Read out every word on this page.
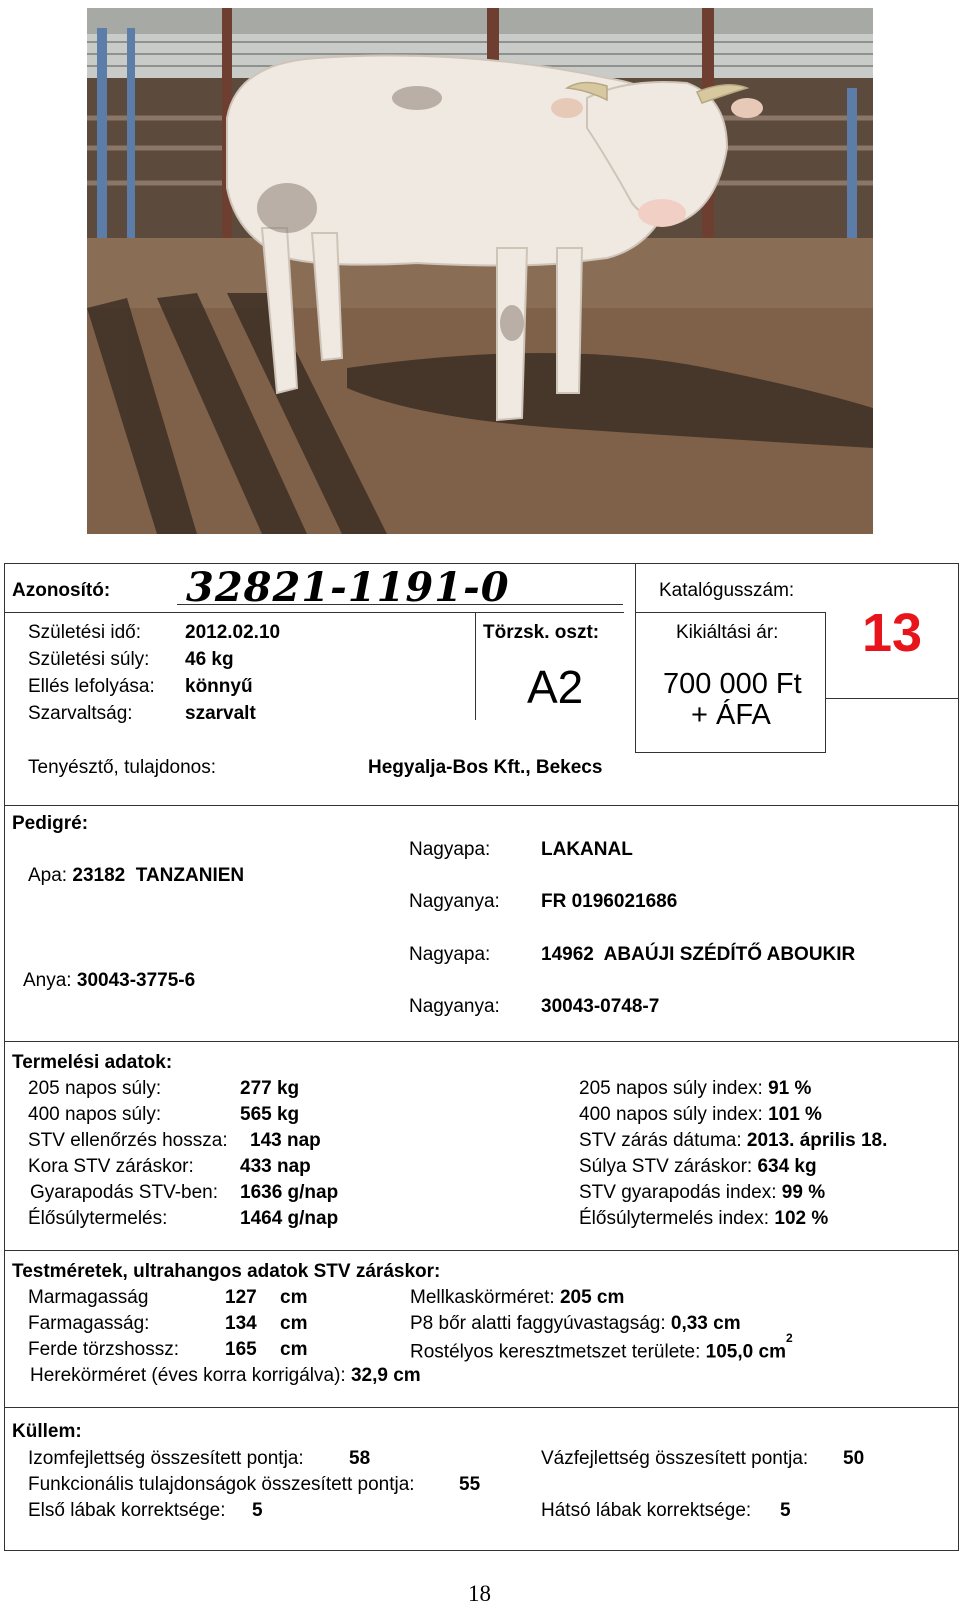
Azonosító: 32821-1191-0	Katalógusszám:
13
Születési idő: 2012.02.10
Születési súly: 46 kg
Ellés lefolyása: könnyű
Szarvaltság:	szarvalt
Törzsk. oszt:
A2
Kikiáltási ár:
700 000 Ft
+ ÁFA
Tenyésztő, tulajdonos:	Hegyalja-Bos Kft., Bekecs
Pedigré:
Apa: 23182  TANZANIEN
Anya: 30043-3775-6
Nagyapa:	LAKANAL
Nagyanya: FR 0196021686
Nagyapa:	14962  ABAÚJI SZÉDÍTŐ ABOUKIR
Nagyanya: 30043-0748-7
Termelési adatok:
205 napos súly:	277 kg
400 napos súly:	565 kg
STV ellenőrzés hossza: 143 nap
Kora STV záráskor: 433 nap
Gyarapodás STV-ben: 1636 g/nap
Élősúlytermelés:	1464 g/nap
205 napos súly index: 91 %
400 napos súly index: 101 %
STV zárás dátuma: 2013. április 18.
Súlya STV záráskor: 634 kg
STV gyarapodás index: 99 %
Élősúlytermelés index: 102 %
Testméretek, ultrahangos adatok STV záráskor:
Marmagasság	127 cm
Farmagasság:	134 cm
Ferde törzshossz: 165 cm
Herekörméret (éves korra korrigálva): 32,9 cm
Mellkaskörméret: 205 cm
P8 bőr alatti faggyúvastagság: 0,33 cm
Rostélyos keresztmetszet területe: 105,0 $cm^2$
Küllem:
Izomfejlettség összesített pontja: 58
Funkcionális tulajdonságok összesített pontja: 55
Első lábak korrektsége: 5
Vázfejlettség összesített pontja: 50
Hátsó lábak korrektsége: 5
18
